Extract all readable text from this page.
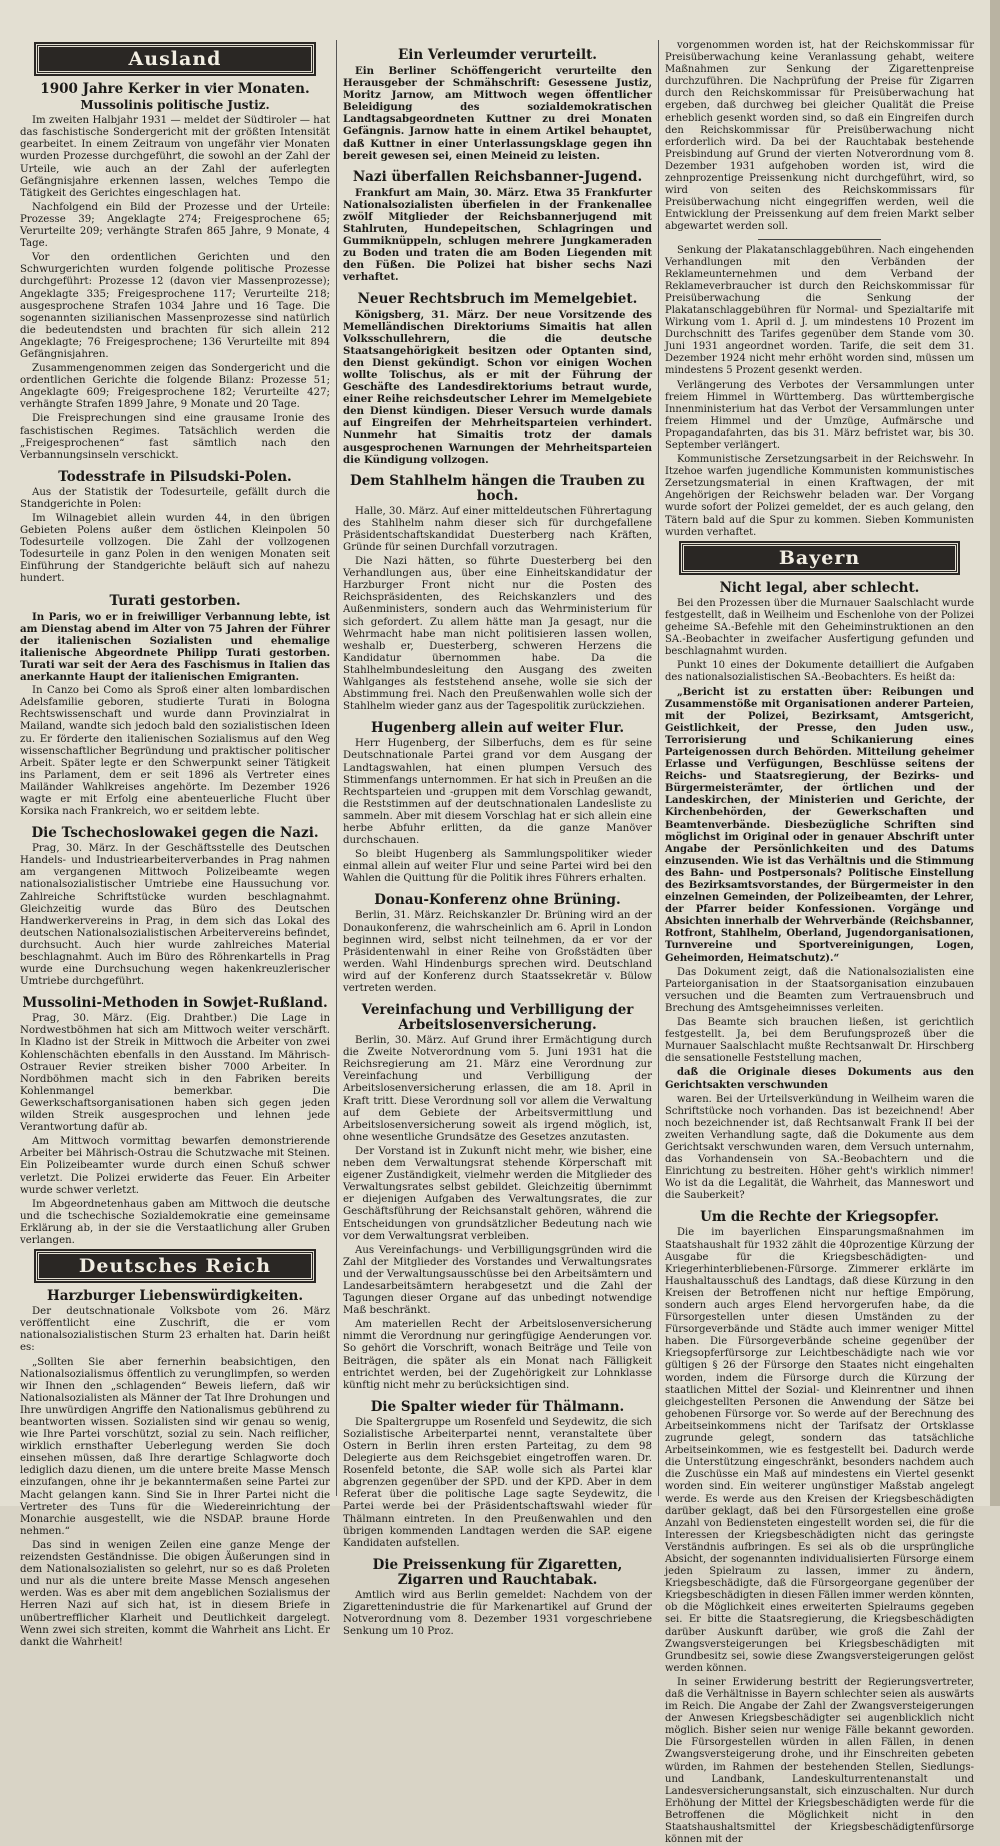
Ausland
1900 Jahre Kerker in vier Monaten.
Mussolinis politische Justiz.

Im zweiten Halbjahr 1931 — meldet der Südtiroler — hat das faschistische Sondergericht mit der größten Intensität gearbeitet. In einem Zeitraum von ungefähr vier Monaten wurden Prozesse durchgeführt, die sowohl an der Zahl der Urteile, wie auch an der Zahl der auferlegten Gefängnisjahre erkennen lassen, welches Tempo die Tätigkeit des Gerichtes eingeschlagen hat.

Nachfolgend ein Bild der Prozesse und der Urteile: Prozesse 39; Angeklagte 274; Freigesprochene 65; Verurteilte 209; verhängte Strafen 865 Jahre, 9 Monate, 4 Tage.

Vor den ordentlichen Gerichten und den Schwurgerichten wurden folgende politische Prozesse durchgeführt: Prozesse 12 (davon vier Massenprozesse); Angeklagte 335; Freigesprochene 117; Verurteilte 218; ausgesprochene Strafen 1034 Jahre und 16 Tage. Die sogenannten sizilianischen Massenprozesse sind natürlich die bedeutendsten und brachten für sich allein 212 Angeklagte; 76 Freigesprochene; 136 Verurteilte mit 894 Gefängnisjahren.

Zusammengenommen zeigen das Sondergericht und die ordentlichen Gerichte die folgende Bilanz: Prozesse 51; Angeklagte 609; Freigesprochene 182; Verurteilte 427; verhängte Strafen 1899 Jahre, 9 Monate und 20 Tage.

Die Freisprechungen sind eine grausame Ironie des faschistischen Regimes. Tatsächlich werden die „Freigesprochenen“ fast sämtlich nach den Verbannungsinseln verschickt.

Todesstrafe in Pilsudski-Polen.

Aus der Statistik der Todesurteile, gefällt durch die Standgerichte in Polen:

Im Wilnagebiet allein wurden 44, in den übrigen Gebieten Polens außer dem östlichen Kleinpolen 50 Todesurteile vollzogen. Die Zahl der vollzogenen Todesurteile in ganz Polen in den wenigen Monaten seit Einführung der Standgerichte beläuft sich auf nahezu hundert.

Turati gestorben.

In Paris, wo er in freiwilliger Verbannung lebte, ist am Dienstag abend im Alter von 75 Jahren der Führer der italienischen Sozialisten und ehemalige italienische Abgeordnete Philipp Turati gestorben. Turati war seit der Aera des Faschismus in Italien das anerkannte Haupt der italienischen Emigranten.

In Canzo bei Como als Sproß einer alten lombardischen Adelsfamilie geboren, studierte Turati in Bologna Rechtswissenschaft und wurde dann Provinzialrat in Mailand, wandte sich jedoch bald den sozialistischen Ideen zu. Er förderte den italienischen Sozialismus auf den Weg wissenschaftlicher Begründung und praktischer politischer Arbeit. Später legte er den Schwerpunkt seiner Tätigkeit ins Parlament, dem er seit 1896 als Vertreter eines Mailänder Wahlkreises angehörte. Im Dezember 1926 wagte er mit Erfolg eine abenteuerliche Flucht über Korsika nach Frankreich, wo er seitdem lebte.

Die Tschechoslowakei gegen die Nazi.

Prag, 30. März. In der Geschäftsstelle des Deutschen Handels- und Industriearbeiterverbandes in Prag nahmen am vergangenen Mittwoch Polizeibeamte wegen nationalsozialistischer Umtriebe eine Haussuchung vor. Zahlreiche Schriftstücke wurden beschlagnahmt. Gleichzeitig wurde das Büro des Deutschen Handwerkervereins in Prag, in dem sich das Lokal des deutschen Nationalsozialistischen Arbeitervereins befindet, durchsucht. Auch hier wurde zahlreiches Material beschlagnahmt. Auch im Büro des Röhrenkartells in Prag wurde eine Durchsuchung wegen hakenkreuzlerischer Umtriebe durchgeführt.

Mussolini-Methoden in Sowjet-Rußland.

Prag, 30. März. (Eig. Drahtber.) Die Lage in Nordwestböhmen hat sich am Mittwoch weiter verschärft. In Kladno ist der Streik in Mittwoch die Arbeiter von zwei Kohlenschächten ebenfalls in den Ausstand. Im Mährisch-Ostrauer Revier streiken bisher 7000 Arbeiter. In Nordböhmen macht sich in den Fabriken bereits Kohlenmangel bemerkbar. Die Gewerkschaftsorganisationen haben sich gegen jeden wilden Streik ausgesprochen und lehnen jede Verantwortung dafür ab.

Am Mittwoch vormittag bewarfen demonstrierende Arbeiter bei Mährisch-Ostrau die Schutzwache mit Steinen. Ein Polizeibeamter wurde durch einen Schuß schwer verletzt. Die Polizei erwiderte das Feuer. Ein Arbeiter wurde schwer verletzt.

Im Abgeordnetenhaus gaben am Mittwoch die deutsche und die tschechische Sozialdemokratie eine gemeinsame Erklärung ab, in der sie die Verstaatlichung aller Gruben verlangen.

Deutsches Reich
Harzburger Liebenswürdigkeiten.

Der deutschnationale Volksbote vom 26. März veröffentlicht eine Zuschrift, die er vom nationalsozialistischen Sturm 23 erhalten hat. Darin heißt es:

„Sollten Sie aber fernerhin beabsichtigen, den Nationalsozialismus öffentlich zu verunglimpfen, so werden wir Ihnen den „schlagenden“ Beweis liefern, daß wir Nationalsozialisten als Männer der Tat Ihre Drohungen und Ihre unwürdigen Angriffe den Nationalismus gebührend zu beantworten wissen. Sozialisten sind wir genau so wenig, wie Ihre Partei vorschützt, sozial zu sein. Nach reiflicher, wirklich ernsthafter Ueberlegung werden Sie doch einsehen müssen, daß Ihre derartige Schlagworte doch lediglich dazu dienen, um die untere breite Masse Mensch einzufangen, ohne ihr je bekanntermaßen seine Partei zur Macht gelangen kann. Sind Sie in Ihrer Partei nicht die Vertreter des Tuns für die Wiedereinrichtung der Monarchie ausgestellt, wie die NSDAP. braune Horde nehmen.“

Das sind in wenigen Zeilen eine ganze Menge der reizendsten Geständnisse. Die obigen Äußerungen sind in dem Nationalsozialisten so gelehrt, nur so es daß Proleten und nur als die untere breite Masse Mensch angesehen werden. Was es aber mit dem angeblichen Sozialismus der Herren Nazi auf sich hat, ist in diesem Briefe in unübertrefflicher Klarheit und Deutlichkeit dargelegt. Wenn zwei sich streiten, kommt die Wahrheit ans Licht. Er dankt die Wahrheit!

Ein Verleumder verurteilt.

Ein Berliner Schöffengericht verurteilte den Herausgeber der Schmähschrift: Gesessene Justiz, Moritz Jarnow, am Mittwoch wegen öffentlicher Beleidigung des sozialdemokratischen Landtagsabgeordneten Kuttner zu drei Monaten Gefängnis. Jarnow hatte in einem Artikel behauptet, daß Kuttner in einer Unterlassungsklage gegen ihn bereit gewesen sei, einen Meineid zu leisten.

Nazi überfallen Reichsbanner-Jugend.

Frankfurt am Main, 30. März. Etwa 35 Frankfurter Nationalsozialisten überfielen in der Frankenallee zwölf Mitglieder der Reichsbannerjugend mit Stahlruten, Hundepeitschen, Schlagringen und Gummiknüppeln, schlugen mehrere Jungkameraden zu Boden und traten die am Boden Liegenden mit den Füßen. Die Polizei hat bisher sechs Nazi verhaftet.

Neuer Rechtsbruch im Memelgebiet.

Königsberg, 31. März. Der neue Vorsitzende des Memelländischen Direktoriums Simaitis hat allen Volksschullehrern, die die deutsche Staatsangehörigkeit besitzen oder Optanten sind, den Dienst gekündigt. Schon vor einigen Wochen wollte Tolischus, als er mit der Führung der Geschäfte des Landesdirektoriums betraut wurde, einer Reihe reichsdeutscher Lehrer im Memelgebiete den Dienst kündigen. Dieser Versuch wurde damals auf Eingreifen der Mehrheitsparteien verhindert. Nunmehr hat Simaitis trotz der damals ausgesprochenen Warnungen der Mehrheitsparteien die Kündigung vollzogen.

Dem Stahlhelm hängen die Trauben zu hoch.

Halle, 30. März. Auf einer mitteldeutschen Führertagung des Stahlhelm nahm dieser sich für durchgefallene Präsidentschaftskandidat Duesterberg nach Kräften, Gründe für seinen Durchfall vorzutragen.

Die Nazi hätten, so führte Duesterberg bei den Verhandlungen aus, über eine Einheitskandidatur der Harzburger Front nicht nur die Posten des Reichspräsidenten, des Reichskanzlers und des Außenministers, sondern auch das Wehrministerium für sich gefordert. Zu allem hätte man Ja gesagt, nur die Wehrmacht habe man nicht politisieren lassen wollen, weshalb er, Duesterberg, schweren Herzens die Kandidatur übernommen habe. Da die Stahlhelmbundesleitung den Ausgang des zweiten Wahlganges als feststehend ansehe, wolle sie sich der Abstimmung frei. Nach den Preußenwahlen wolle sich der Stahlhelm wieder ganz aus der Tagespolitik zurückziehen.

Hugenberg allein auf weiter Flur.

Herr Hugenberg, der Silberfuchs, dem es für seine Deutschnationale Partei grand vor dem Ausgang der Landtagswahlen, hat einen plumpen Versuch des Stimmenfangs unternommen. Er hat sich in Preußen an die Rechtsparteien und -gruppen mit dem Vorschlag gewandt, die Reststimmen auf der deutschnationalen Landesliste zu sammeln. Aber mit diesem Vorschlag hat er sich allein eine herbe Abfuhr erlitten, da die ganze Manöver durchschauen.

So bleibt Hugenberg als Sammlungspolitiker wieder einmal allein auf weiter Flur und seine Partei wird bei den Wahlen die Quittung für die Politik ihres Führers erhalten.

Donau-Konferenz ohne Brüning.

Berlin, 31. März. Reichskanzler Dr. Brüning wird an der Donaukonferenz, die wahrscheinlich am 6. April in London beginnen wird, selbst nicht teilnehmen, da er vor der Präsidentenwahl in einer Reihe von Großstädten über werden. Wahl Hindenburgs sprechen wird. Deutschland wird auf der Konferenz durch Staatssekretär v. Bülow vertreten werden.

Vereinfachung und Verbilligung der Arbeitslosenversicherung.

Berlin, 30. März. Auf Grund ihrer Ermächtigung durch die Zweite Notverordnung vom 5. Juni 1931 hat die Reichsregierung am 21. März eine Verordnung zur Vereinfachung und Verbilligung der Arbeitslosenversicherung erlassen, die am 18. April in Kraft tritt. Diese Verordnung soll vor allem die Verwaltung auf dem Gebiete der Arbeitsvermittlung und Arbeitslosenversicherung soweit als irgend möglich, ist, ohne wesentliche Grundsätze des Gesetzes anzutasten.

Der Vorstand ist in Zukunft nicht mehr, wie bisher, eine neben dem Verwaltungsrat stehende Körperschaft mit eigener Zuständigkeit, vielmehr werden die Mitglieder des Verwaltungsrates selbst gebildet. Gleichzeitig übernimmt er diejenigen Aufgaben des Verwaltungsrates, die zur Geschäftsführung der Reichsanstalt gehören, während die Entscheidungen von grundsätzlicher Bedeutung nach wie vor dem Verwaltungsrat verbleiben.

Aus Vereinfachungs- und Verbilligungsgründen wird die Zahl der Mitglieder des Vorstandes und Verwaltungsrates und der Verwaltungsausschüsse bei den Arbeitsämtern und Landesarbeitsämtern herabgesetzt und die Zahl der Tagungen dieser Organe auf das unbedingt notwendige Maß beschränkt.

Am materiellen Recht der Arbeitslosenversicherung nimmt die Verordnung nur geringfügige Aenderungen vor. So gehört die Vorschrift, wonach Beiträge und Teile von Beiträgen, die später als ein Monat nach Fälligkeit entrichtet werden, bei der Zugehörigkeit zur Lohnklasse künftig nicht mehr zu berücksichtigen sind.

Die Spalter wieder für Thälmann.

Die Spaltergruppe um Rosenfeld und Seydewitz, die sich Sozialistische Arbeiterpartei nennt, veranstaltete über Ostern in Berlin ihren ersten Parteitag, zu dem 98 Delegierte aus dem Reichsgebiet eingetroffen waren. Dr. Rosenfeld betonte, die SAP. wolle sich als Partei klar abgrenzen gegenüber der SPD. und der KPD. Aber in dem Referat über die politische Lage sagte Seydewitz, die Partei werde bei der Präsidentschaftswahl wieder für Thälmann eintreten. In den Preußenwahlen und den übrigen kommenden Landtagen werden die SAP. eigene Kandidaten aufstellen.

Die Preissenkung für Zigaretten, Zigarren und Rauchtabak.

Amtlich wird aus Berlin gemeldet: Nachdem von der Zigarettenindustrie die für Markenartikel auf Grund der Notverordnung vom 8. Dezember 1931 vorgeschriebene Senkung um 10 Proz.

vorgenommen worden ist, hat der Reichskommissar für Preisüberwachung keine Veranlassung gehabt, weitere Maßnahmen zur Senkung der Zigarettenpreise durchzuführen. Die Nachprüfung der Preise für Zigarren durch den Reichskommissar für Preisüberwachung hat ergeben, daß durchweg bei gleicher Qualität die Preise erheblich gesenkt worden sind, so daß ein Eingreifen durch den Reichskommissar für Preisüberwachung nicht erforderlich wird. Da bei der Rauchtabak bestehende Preisbindung auf Grund der vierten Notverordnung vom 8. Dezember 1931 aufgehoben worden ist, wird die zehnprozentige Preissenkung nicht durchgeführt, wird, so wird von seiten des Reichskommissars für Preisüberwachung nicht eingegriffen werden, weil die Entwicklung der Preissenkung auf dem freien Markt selber abgewartet werden soll.

Senkung der Plakatanschlaggebühren. Nach eingehenden Verhandlungen mit den Verbänden der Reklameunternehmen und dem Verband der Reklameverbraucher ist durch den Reichskommissar für Preisüberwachung die Senkung der Plakatanschlaggebühren für Normal- und Spezialtarife mit Wirkung vom 1. April d. J. um mindestens 10 Prozent im Durchschnitt des Tarifes gegenüber dem Stande vom 30. Juni 1931 angeordnet worden. Tarife, die seit dem 31. Dezember 1924 nicht mehr erhöht worden sind, müssen um mindestens 5 Prozent gesenkt werden.

Verlängerung des Verbotes der Versammlungen unter freiem Himmel in Württemberg. Das württembergische Innenministerium hat das Verbot der Versammlungen unter freiem Himmel und der Umzüge, Aufmärsche und Propagandafahrten, das bis 31. März befristet war, bis 30. September verlängert.

Kommunistische Zersetzungsarbeit in der Reichswehr. In Itzehoe warfen jugendliche Kommunisten kommunistisches Zersetzungsmaterial in einen Kraftwagen, der mit Angehörigen der Reichswehr beladen war. Der Vorgang wurde sofort der Polizei gemeldet, der es auch gelang, den Tätern bald auf die Spur zu kommen. Sieben Kommunisten wurden verhaftet.

Bayern
Nicht legal, aber schlecht.

Bei den Prozessen über die Murnauer Saalschlacht wurde festgestellt, daß in Weilheim und Eschenlohe von der Polizei geheime SA.-Befehle mit den Geheiminstruktionen an den SA.-Beobachter in zweifacher Ausfertigung gefunden und beschlagnahmt wurden.

Punkt 10 eines der Dokumente detailliert die Aufgaben des nationalsozialistischen SA.-Beobachters. Es heißt da:

„Bericht ist zu erstatten über: Reibungen und Zusammenstöße mit Organisationen anderer Parteien, mit der Polizei, Bezirksamt, Amtsgericht, Geistlichkeit, der Presse, den Juden usw., Terrorisierung und Schikanierung eines Parteigenossen durch Behörden. Mitteilung geheimer Erlasse und Verfügungen, Beschlüsse seitens der Reichs- und Staatsregierung, der Bezirks- und Bürgermeisterämter, der örtlichen und der Landeskirchen, der Ministerien und Gerichte, der Kirchenbehörden, der Gewerkschaften und Beamtenverbände. Diesbezügliche Schriften sind möglichst im Original oder in genauer Abschrift unter Angabe der Persönlichkeiten und des Datums einzusenden. Wie ist das Verhältnis und die Stimmung des Bahn- und Postpersonals? Politische Einstellung des Bezirksamtsvorstandes, der Bürgermeister in den einzelnen Gemeinden, der Polizeibeamten, der Lehrer, der Pfarrer beider Konfessionen. Vorgänge und Absichten innerhalb der Wehrverbände (Reichsbanner, Rotfront, Stahlhelm, Oberland, Jugendorganisationen, Turnvereine und Sportvereinigungen, Logen, Geheimorden, Heimatschutz).“

Das Dokument zeigt, daß die Nationalsozialisten eine Parteiorganisation in der Staatsorganisation einzubauen versuchen und die Beamten zum Vertrauensbruch und Brechung des Amtsgeheimnisses verleiten.

Das Beamte sich brauchen ließen, ist gerichtlich festgestellt. Ja, bei dem Berufungsprozeß über die Murnauer Saalschlacht mußte Rechtsanwalt Dr. Hirschberg die sensationelle Feststellung machen,

daß die Originale dieses Dokuments aus den Gerichtsakten verschwunden

waren. Bei der Urteilsverkündung in Weilheim waren die Schriftstücke noch vorhanden. Das ist bezeichnend! Aber noch bezeichnender ist, daß Rechtsanwalt Frank II bei der zweiten Verhandlung sagte, daß die Dokumente aus dem Gerichtsakt verschwunden waren, dem Versuch unternahm, das Vorhandensein von SA.-Beobachtern und die Einrichtung zu bestreiten. Höher geht's wirklich nimmer! Wo ist da die Legalität, die Wahrheit, das Manneswort und die Sauberkeit?

Um die Rechte der Kriegsopfer.

Die im bayerlichen Einsparungsmaßnahmen im Staatshaushalt für 1932 zählt die 40prozentige Kürzung der Ausgabe für die Kriegsbeschädigten- und Kriegerhinterbliebenen-Fürsorge. Zimmerer erklärte im Haushaltausschuß des Landtags, daß diese Kürzung in den Kreisen der Betroffenen nicht nur heftige Empörung, sondern auch arges Elend hervorgerufen habe, da die Fürsorgestellen unter diesen Umständen zu der Fürsorgeverbände und Städte auch immer weniger Mittel haben. Die Fürsorgeverbände scheine gegenüber der Kriegsopferfürsorge zur Leichtbeschädigte nach wie vor gültigen § 26 der Fürsorge den Staates nicht eingehalten worden, indem die Fürsorge durch die Kürzung der staatlichen Mittel der Sozial- und Kleinrentner und ihnen gleichgestellten Personen die Anwendung der Sätze bei gehobenen Fürsorge vor. So werde auf der Berechnung des Arbeitseinkommens nicht der Tarifsatz der Ortsklasse zugrunde gelegt, sondern das tatsächliche Arbeitseinkommen, wie es festgestellt bei. Dadurch werde die Unterstützung eingeschränkt, besonders nachdem auch die Zuschüsse ein Maß auf mindestens ein Viertel gesenkt worden sind. Ein weiterer ungünstiger Maßstab angelegt werde. Es werde aus den Kreisen der Kriegsbeschädigten darüber geklagt, daß bei den Fürsorgestellen eine große Anzahl von Bediensteten eingestellt worden sei, die für die Interessen der Kriegsbeschädigten nicht das geringste Verständnis aufbringen. Es sei als ob die ursprüngliche Absicht, der sogenannten individualisierten Fürsorge einem jeden Spielraum zu lassen, immer zu ändern, Kriegsbeschädigte, daß die Fürsorgeorgane gegenüber der Kriegsbeschädigten in diesen Fällen immer werden könnten, ob die Möglichkeit eines erweiterten Spielraums gegeben sei. Er bitte die Staatsregierung, die Kriegsbeschädigten darüber Auskunft darüber, wie groß die Zahl der Zwangsversteigerungen bei Kriegsbeschädigten mit Grundbesitz sei, sowie diese Zwangsversteigerungen gelöst werden können.

In seiner Erwiderung bestritt der Regierungsvertreter, daß die Verhältnisse in Bayern schlechter seien als auswärts im Reich. Die Angabe der Zahl der Zwangsversteigerungen der Anwesen Kriegsbeschädigter sei augenblicklich nicht möglich. Bisher seien nur wenige Fälle bekannt geworden. Die Fürsorgestellen würden in allen Fällen, in denen Zwangsversteigerung drohe, und ihr Einschreiten gebeten würden, im Rahmen der bestehenden Stellen, Siedlungs- und Landbank, Landeskulturrentenanstalt und Landesversicherungsanstalt, sich einzuschalten. Nur durch Erhöhung der Mittel der Kriegsbeschädigten werde für die Betroffenen die Möglichkeit nicht in den Staatshaushaltsmittel der Kriegsbeschädigtenfürsorge können mit der
